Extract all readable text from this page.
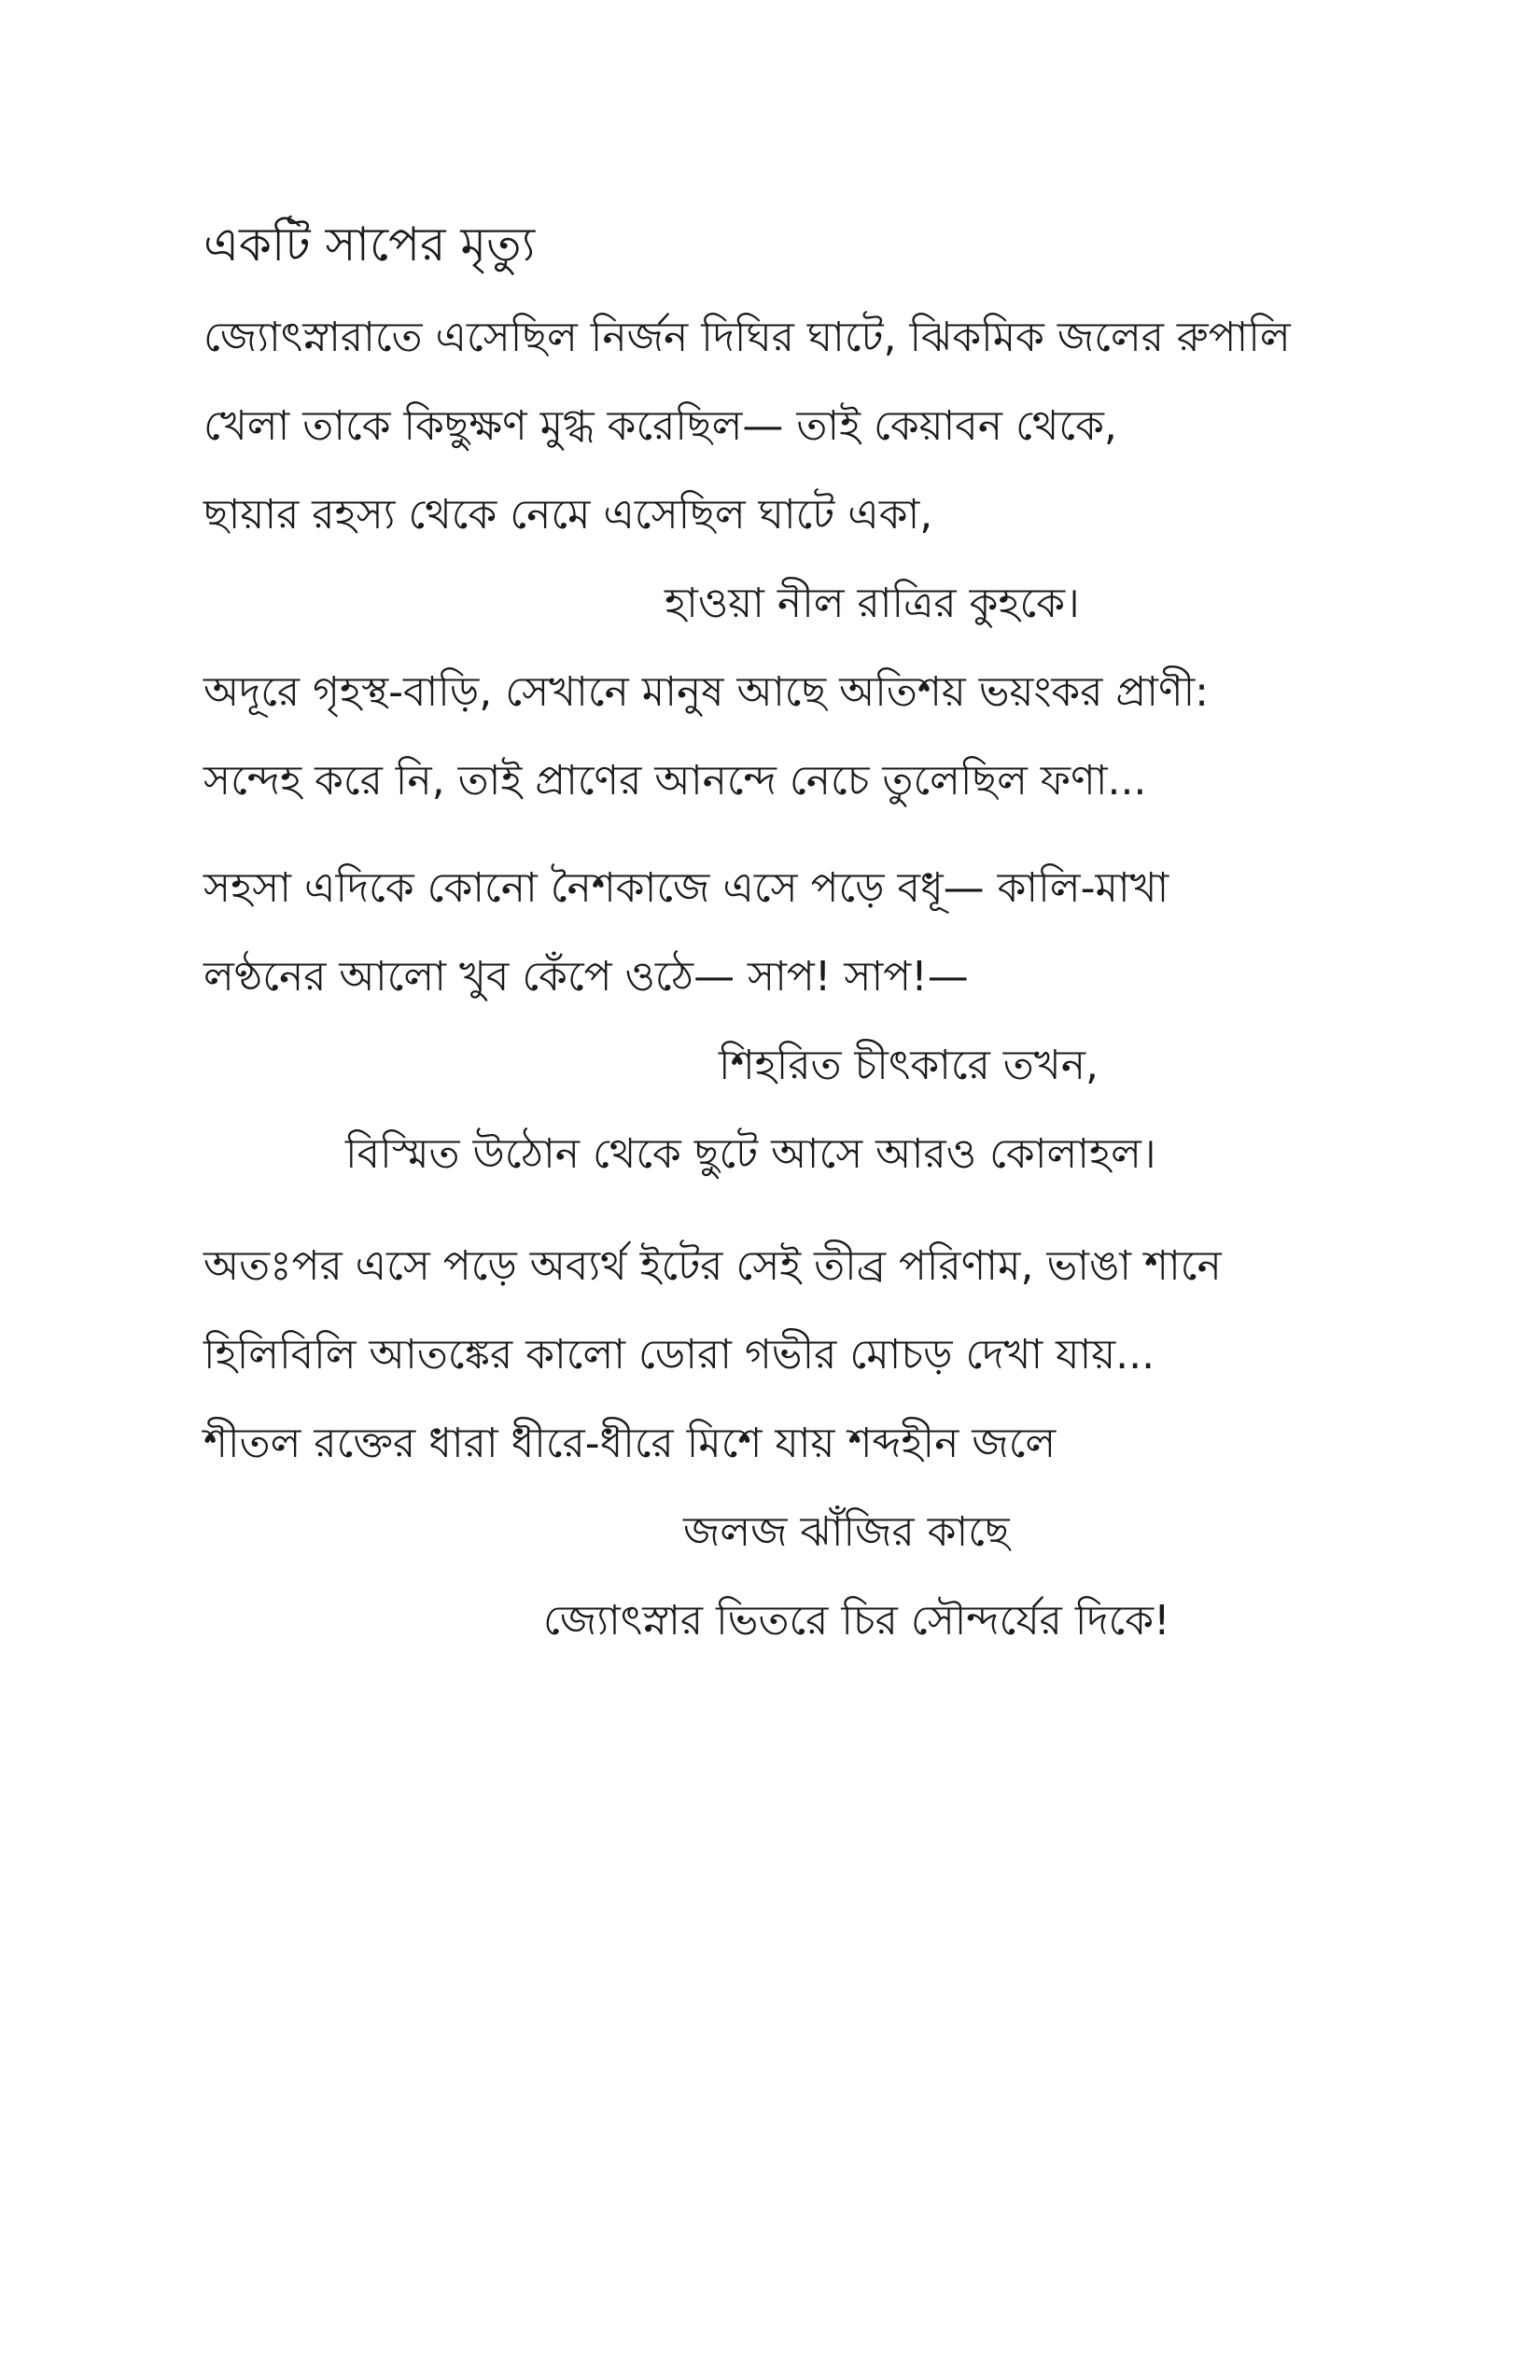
একটি সাপের মৃত্যু
জ্যোৎস্নারাতে এসেছিল নির্জন দিঘির ঘাটে, ঝিকমিক জলের রুপালি
খেলা তাকে কিছুক্ষণ মুগ্ধ করেছিল— তাই কেয়াবন থেকে,
ছায়ার রহস্য থেকে নেমে এসেছিল ঘাটে একা,
হাওয়া নীল রাত্রির কুহকে।
অদূরে গৃহস্থ-বাড়ি, সেখানে মানুষ আছে অতিশয় ভয়ংকর প্রাণী:
সন্দেহ করে নি, তাই প্রাণের আনন্দে নেচে তুলেছিল ফণা...
সহসা এদিকে কোনো নৈশকাজে এসে পড়ে বধূ— কালি-মাখা
লণ্ঠনের আলো খুব কেঁপে ওঠে— সাপ! সাপ!—
শিহরিত চীৎকারে তখন,
বিস্মিত উঠোন থেকে ছুটে আসে আরও কোলাহল।
অতঃপর এসে পড়ে অব্যর্থ ইটের সেই তীব্র পরিণাম, ভাঙা শানে
হিলিবিলি আতঙ্কের কালো ডোরা গভীর মোচড় দেখা যায়...
শীতল রক্তের ধারা ধীরে-ধীরে মিশে যায় শব্দহীন জলে
জলজ ঝাঁজির কাছে
জ্যোৎস্নার ভিতরে চির সৌন্দর্যের দিকে!
